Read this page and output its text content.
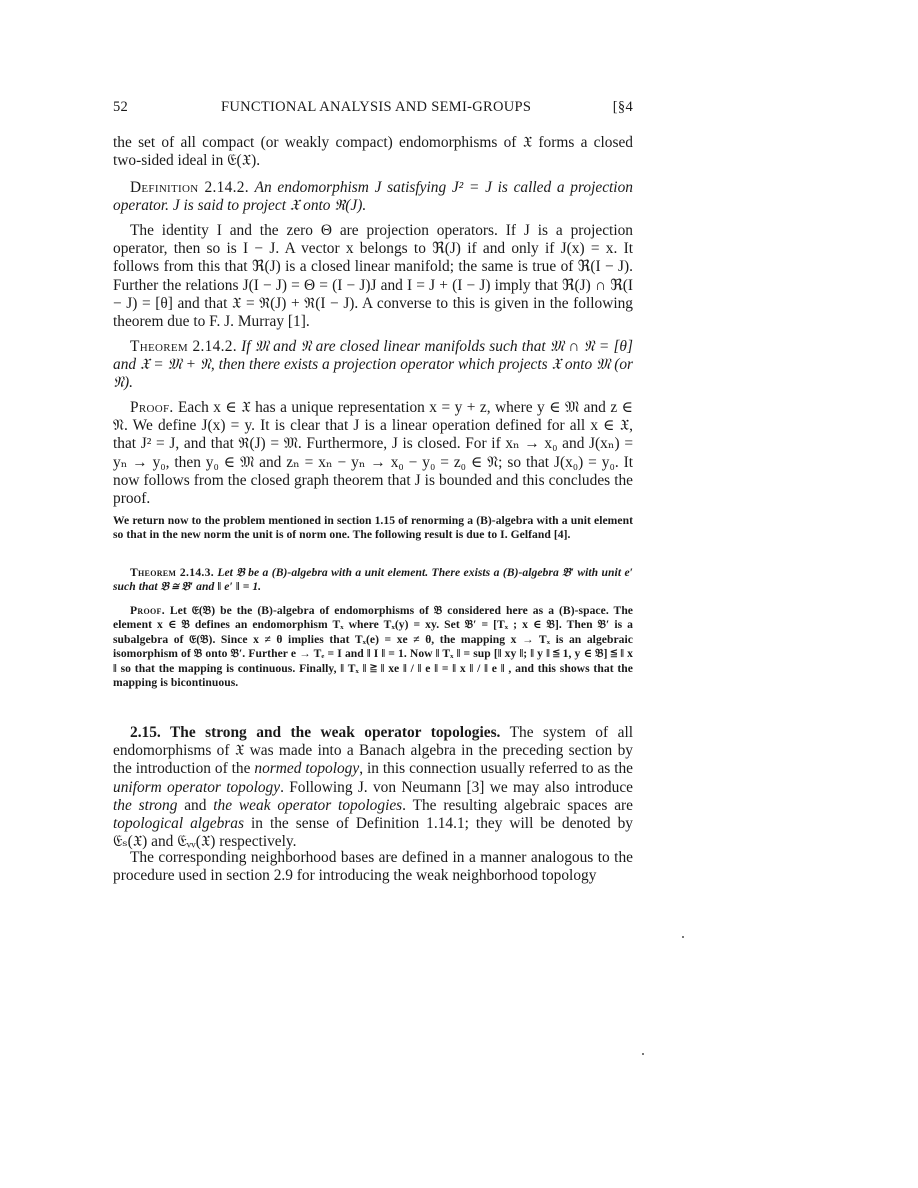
52	FUNCTIONAL ANALYSIS AND SEMI-GROUPS	[§4

the set of all compact (or weakly compact) endomorphisms of 𝔛 forms a closed two-sided ideal in 𝔈(𝔛).

Definition 2.14.2. An endomorphism J satisfying J² = J is called a projection operator. J is said to project 𝔛 onto ℜ(J).

The identity I and the zero Θ are projection operators. If J is a projection operator, then so is I − J. A vector x belongs to ℜ(J) if and only if J(x) = x. It follows from this that ℜ(J) is a closed linear manifold; the same is true of ℜ(I − J). Further the relations J(I − J) = Θ = (I − J)J and I = J + (I − J) imply that ℜ(J) ∩ ℜ(I − J) = [θ] and that 𝔛 = ℜ(J) + ℜ(I − J). A converse to this is given in the following theorem due to F. J. Murray [1].

Theorem 2.14.2. If 𝔐 and 𝔑 are closed linear manifolds such that 𝔐 ∩ 𝔑 = [θ] and 𝔛 = 𝔐 + 𝔑, then there exists a projection operator which projects 𝔛 onto 𝔐 (or 𝔑).

Proof. Each x ∈ 𝔛 has a unique representation x = y + z, where y ∈ 𝔐 and z ∈ 𝔑. We define J(x) = y. It is clear that J is a linear operation defined for all x ∈ 𝔛, that J² = J, and that ℜ(J) = 𝔐. Furthermore, J is closed. For if xₙ → x₀ and J(xₙ) = yₙ → y₀, then y₀ ∈ 𝔐 and zₙ = xₙ − yₙ → x₀ − y₀ = z₀ ∈ 𝔑; so that J(x₀) = y₀. It now follows from the closed graph theorem that J is bounded and this concludes the proof.

We return now to the problem mentioned in section 1.15 of renorming a (B)-algebra with a unit element so that in the new norm the unit is of norm one. The following result is due to I. Gelfand [4].

Theorem 2.14.3. Let 𝔅 be a (B)-algebra with a unit element. There exists a (B)-algebra 𝔅′ with unit e′ such that 𝔅 ≅ 𝔅′ and ‖ e′ ‖ = 1.

Proof. Let 𝔈(𝔅) be the (B)-algebra of endomorphisms of 𝔅 considered here as a (B)-space. The element x ∈ 𝔅 defines an endomorphism Tₓ where Tₓ(y) = xy. Set 𝔅′ = [Tₓ ; x ∈ 𝔅]. Then 𝔅′ is a subalgebra of 𝔈(𝔅). Since x ≠ θ implies that Tₓ(e) = xe ≠ θ, the mapping x → Tₓ is an algebraic isomorphism of 𝔅 onto 𝔅′. Further e → Tₑ = I and ‖ I ‖ = 1. Now ‖ Tₓ ‖ = sup [‖ xy ‖; ‖ y ‖ ≦ 1, y ∈ 𝔅] ≦ ‖ x ‖ so that the mapping is continuous. Finally, ‖ Tₓ ‖ ≧ ‖ xe ‖ / ‖ e ‖ = ‖ x ‖ / ‖ e ‖ , and this shows that the mapping is bicontinuous.

2.15. The strong and the weak operator topologies. The system of all endomorphisms of 𝔛 was made into a Banach algebra in the preceding section by the introduction of the normed topology, in this connection usually referred to as the uniform operator topology. Following J. von Neumann [3] we may also introduce the strong and the weak operator topologies. The resulting algebraic spaces are topological algebras in the sense of Definition 1.14.1; they will be denoted by 𝔈ₛ(𝔛) and 𝔈ᵥᵥ(𝔛) respectively.

The corresponding neighborhood bases are defined in a manner analogous to the procedure used in section 2.9 for introducing the weak neighborhood topology
